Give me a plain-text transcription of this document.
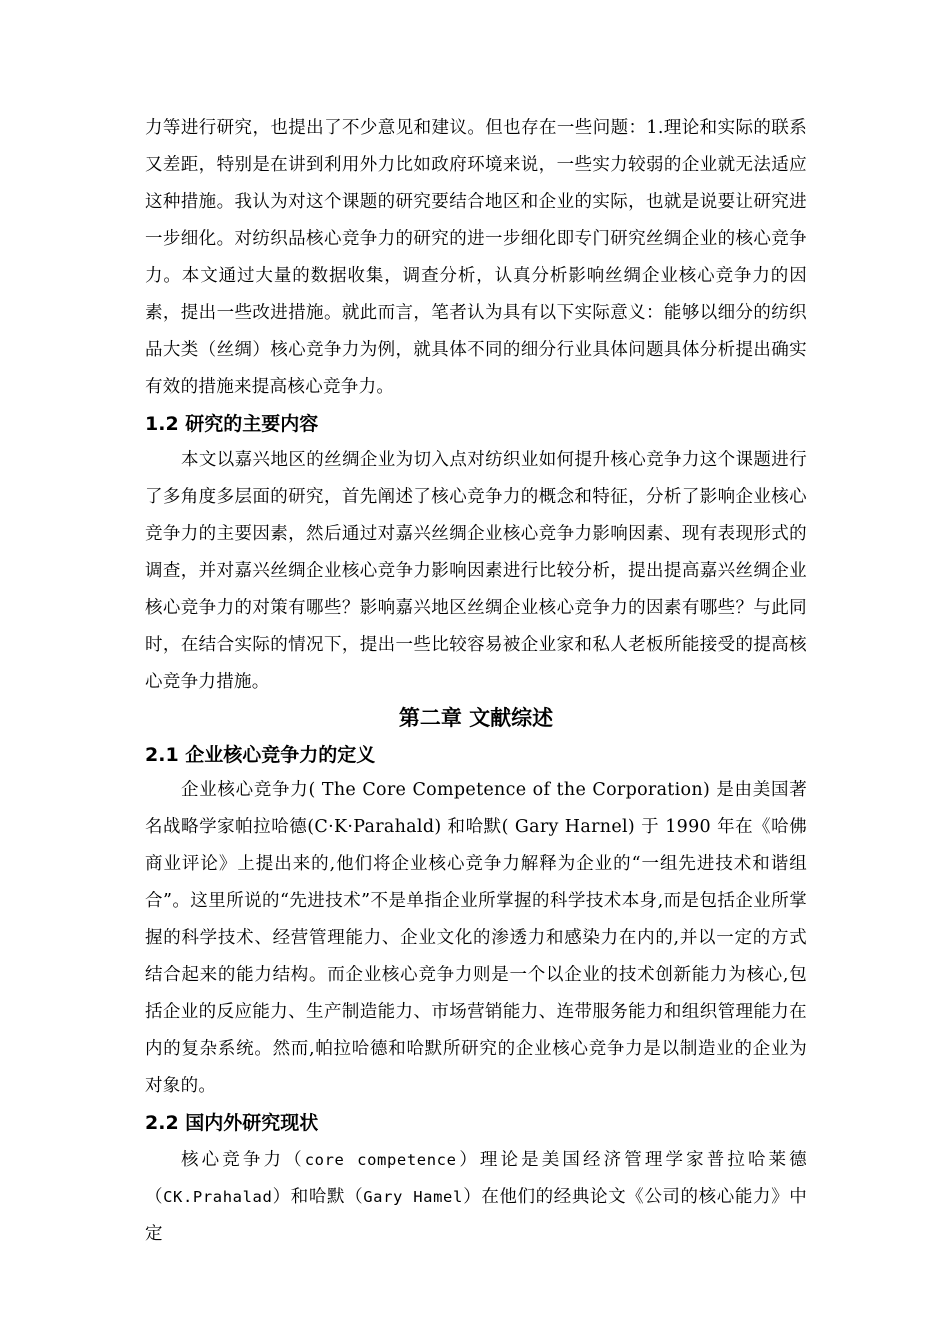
力等进行研究，也提出了不少意见和建议。但也存在一些问题：1.理论和实际的联系又差距，特别是在讲到利用外力比如政府环境来说，一些实力较弱的企业就无法适应这种措施。我认为对这个课题的研究要结合地区和企业的实际，也就是说要让研究进一步细化。对纺织品核心竞争力的研究的进一步细化即专门研究丝绸企业的核心竞争力。本文通过大量的数据收集，调查分析，认真分析影响丝绸企业核心竞争力的因素，提出一些改进措施。就此而言，笔者认为具有以下实际意义：能够以细分的纺织品大类（丝绸）核心竞争力为例，就具体不同的细分行业具体问题具体分析提出确实有效的措施来提高核心竞争力。

1.2 研究的主要内容

本文以嘉兴地区的丝绸企业为切入点对纺织业如何提升核心竞争力这个课题进行了多角度多层面的研究，首先阐述了核心竞争力的概念和特征，分析了影响企业核心竞争力的主要因素，然后通过对嘉兴丝绸企业核心竞争力影响因素、现有表现形式的调查，并对嘉兴丝绸企业核心竞争力影响因素进行比较分析，提出提高嘉兴丝绸企业核心竞争力的对策有哪些？影响嘉兴地区丝绸企业核心竞争力的因素有哪些？与此同时，在结合实际的情况下，提出一些比较容易被企业家和私人老板所能接受的提高核心竞争力措施。

第二章 文献综述

2.1 企业核心竞争力的定义

企业核心竞争力( The Core Competence of the Corporation) 是由美国著名战略学家帕拉哈德(C·K·Parahald) 和哈默( Gary Harnel) 于 1990 年在《哈佛商业评论》上提出来的,他们将企业核心竞争力解释为企业的“一组先进技术和谐组合”。这里所说的“先进技术”不是单指企业所掌握的科学技术本身,而是包括企业所掌握的科学技术、经营管理能力、企业文化的渗透力和感染力在内的,并以一定的方式结合起来的能力结构。而企业核心竞争力则是一个以企业的技术创新能力为核心,包括企业的反应能力、生产制造能力、市场营销能力、连带服务能力和组织管理能力在内的复杂系统。然而,帕拉哈德和哈默所研究的企业核心竞争力是以制造业的企业为对象的。

2.2 国内外研究现状

核心竞争力（core competence）理论是美国经济管理学家普拉哈莱德（CK.Prahalad）和哈默（Gary Hamel）在他们的经典论文《公司的核心能力》中定
